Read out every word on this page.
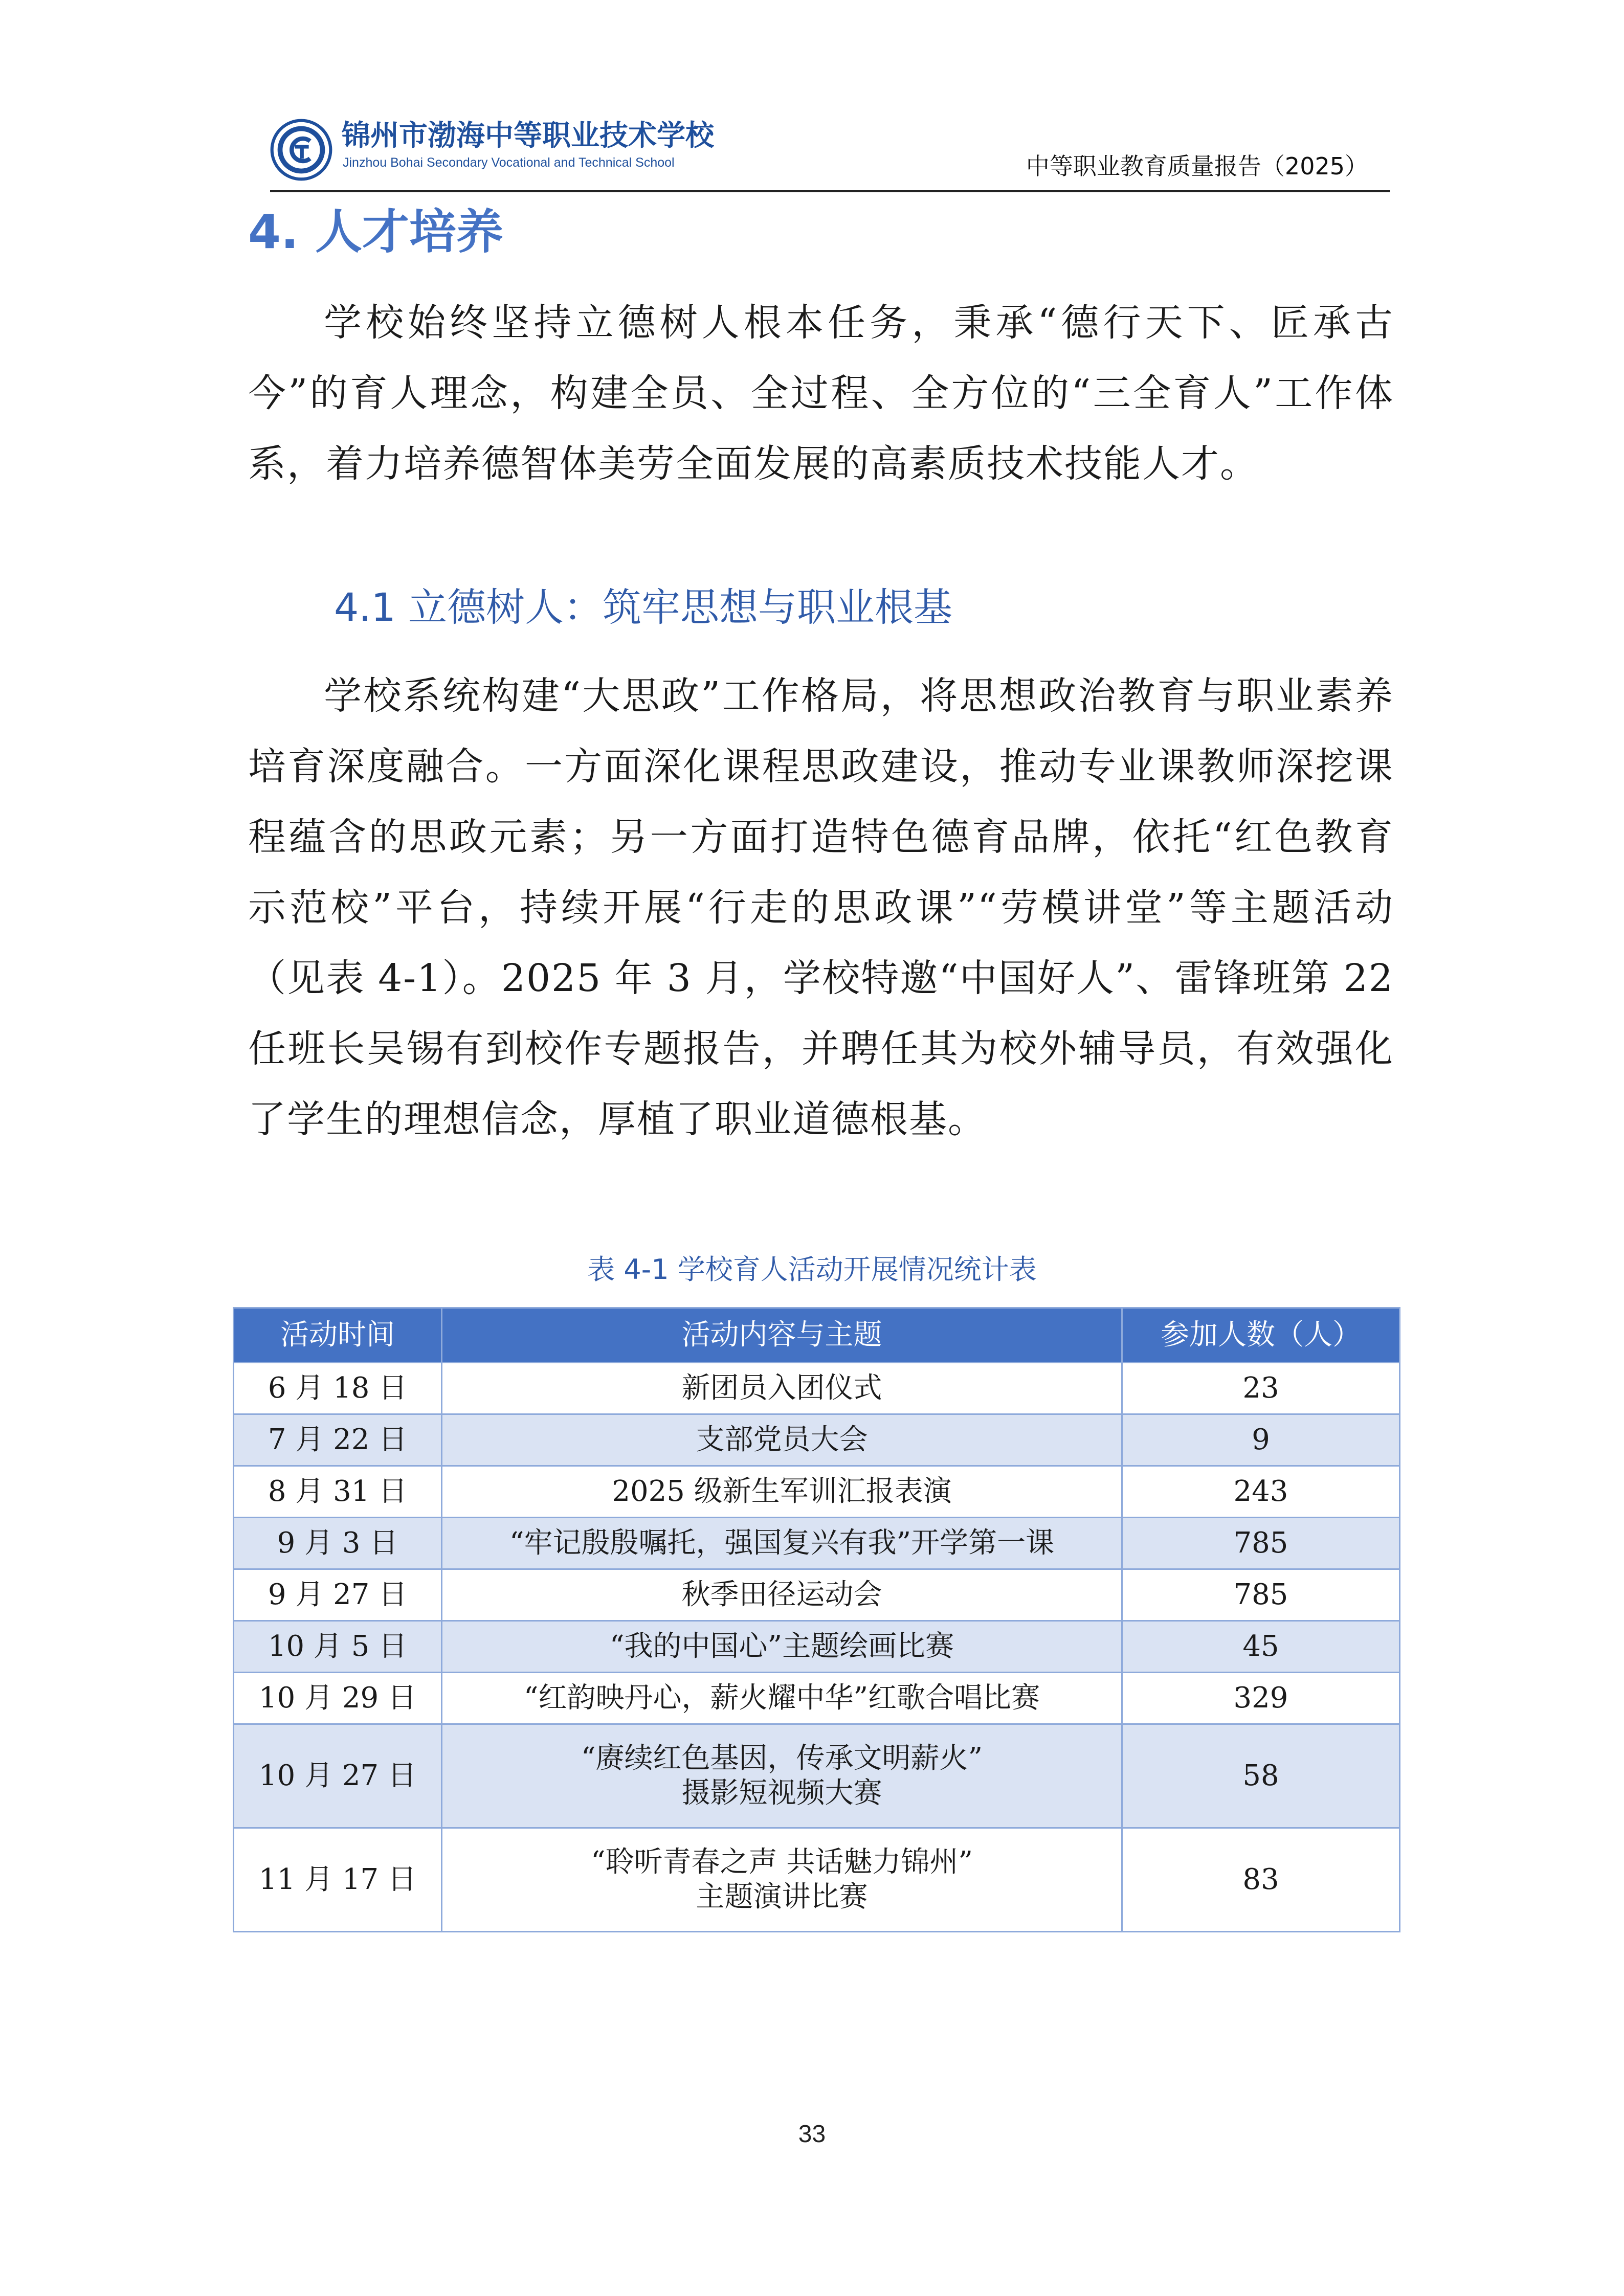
锦州市渤海中等职业技术学校
Jinzhou Bohai Secondary Vocational and Technical School	中等职业教育质量报告（2025）
4. 人才培养
学校始终坚持立德树人根本任务，秉承“德行天下、匠承古今”的育人理念，构建全员、全过程、全方位的“三全育人”工作体系，着力培养德智体美劳全面发展的高素质技术技能人才。
4.1 立德树人：筑牢思想与职业根基
学校系统构建“大思政”工作格局，将思想政治教育与职业素养培育深度融合。一方面深化课程思政建设，推动专业课教师深挖课程蕴含的思政元素；另一方面打造特色德育品牌，依托“红色教育示范校”平台，持续开展“行走的思政课”“劳模讲堂”等主题活动（见表 4-1）。2025 年 3 月，学校特邀“中国好人”、雷锋班第 22 任班长吴锡有到校作专题报告，并聘任其为校外辅导员，有效强化了学生的理想信念，厚植了职业道德根基。
表 4-1 学校育人活动开展情况统计表
活动时间	活动内容与主题	参加人数（人）
6 月 18 日	新团员入团仪式	23
7 月 22 日	支部党员大会	9
8 月 31 日	2025 级新生军训汇报表演	243
9 月 3 日	“牢记殷殷嘱托，强国复兴有我”开学第一课	785
9 月 27 日	秋季田径运动会	785
10 月 5 日	“我的中国心”主题绘画比赛	45
10 月 29 日	“红韵映丹心，薪火耀中华”红歌合唱比赛	329
10 月 27 日	“赓续红色基因，传承文明薪火”
摄影短视频大赛	58
11 月 17 日	“聆听青春之声 共话魅力锦州”
主题演讲比赛	83
33
